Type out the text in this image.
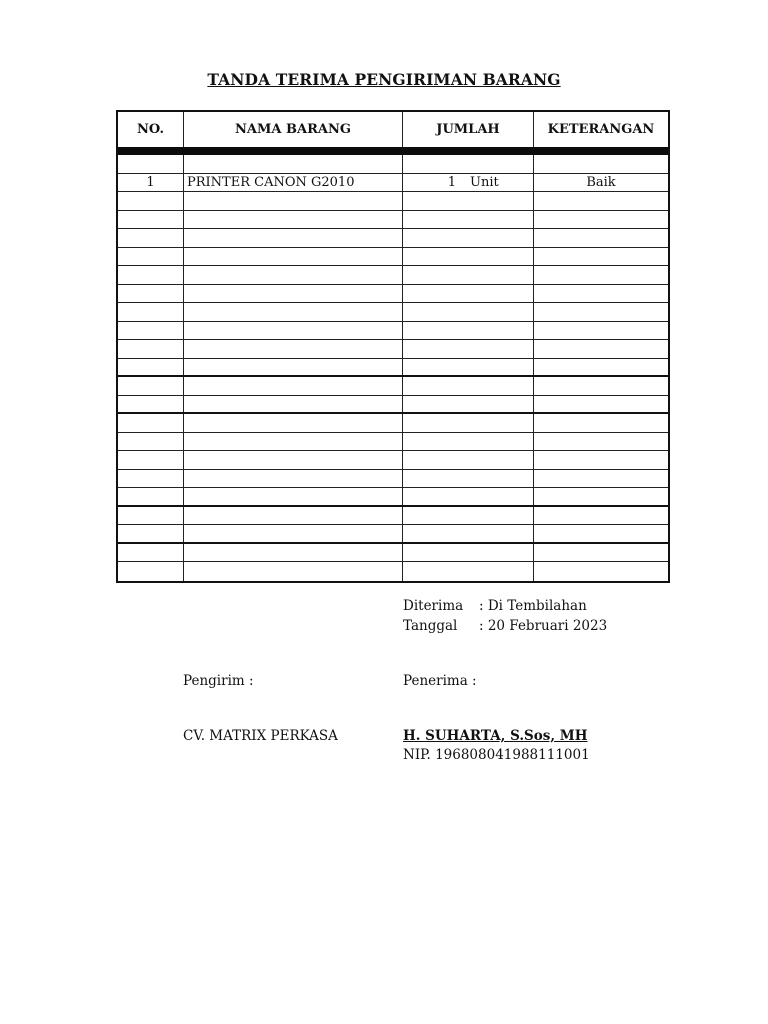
TANDA TERIMA PENGIRIMAN BARANG
NO.	NAMA BARANG	JUMLAH	KETERANGAN
1	PRINTER CANON G2010	1 Unit	Baik
Diterima : Di Tembilahan
Tanggal : 20 Februari 2023
Pengirim :	Penerima :
CV. MATRIX PERKASA	H. SUHARTA, S.Sos, MH
NIP. 196808041988111001
